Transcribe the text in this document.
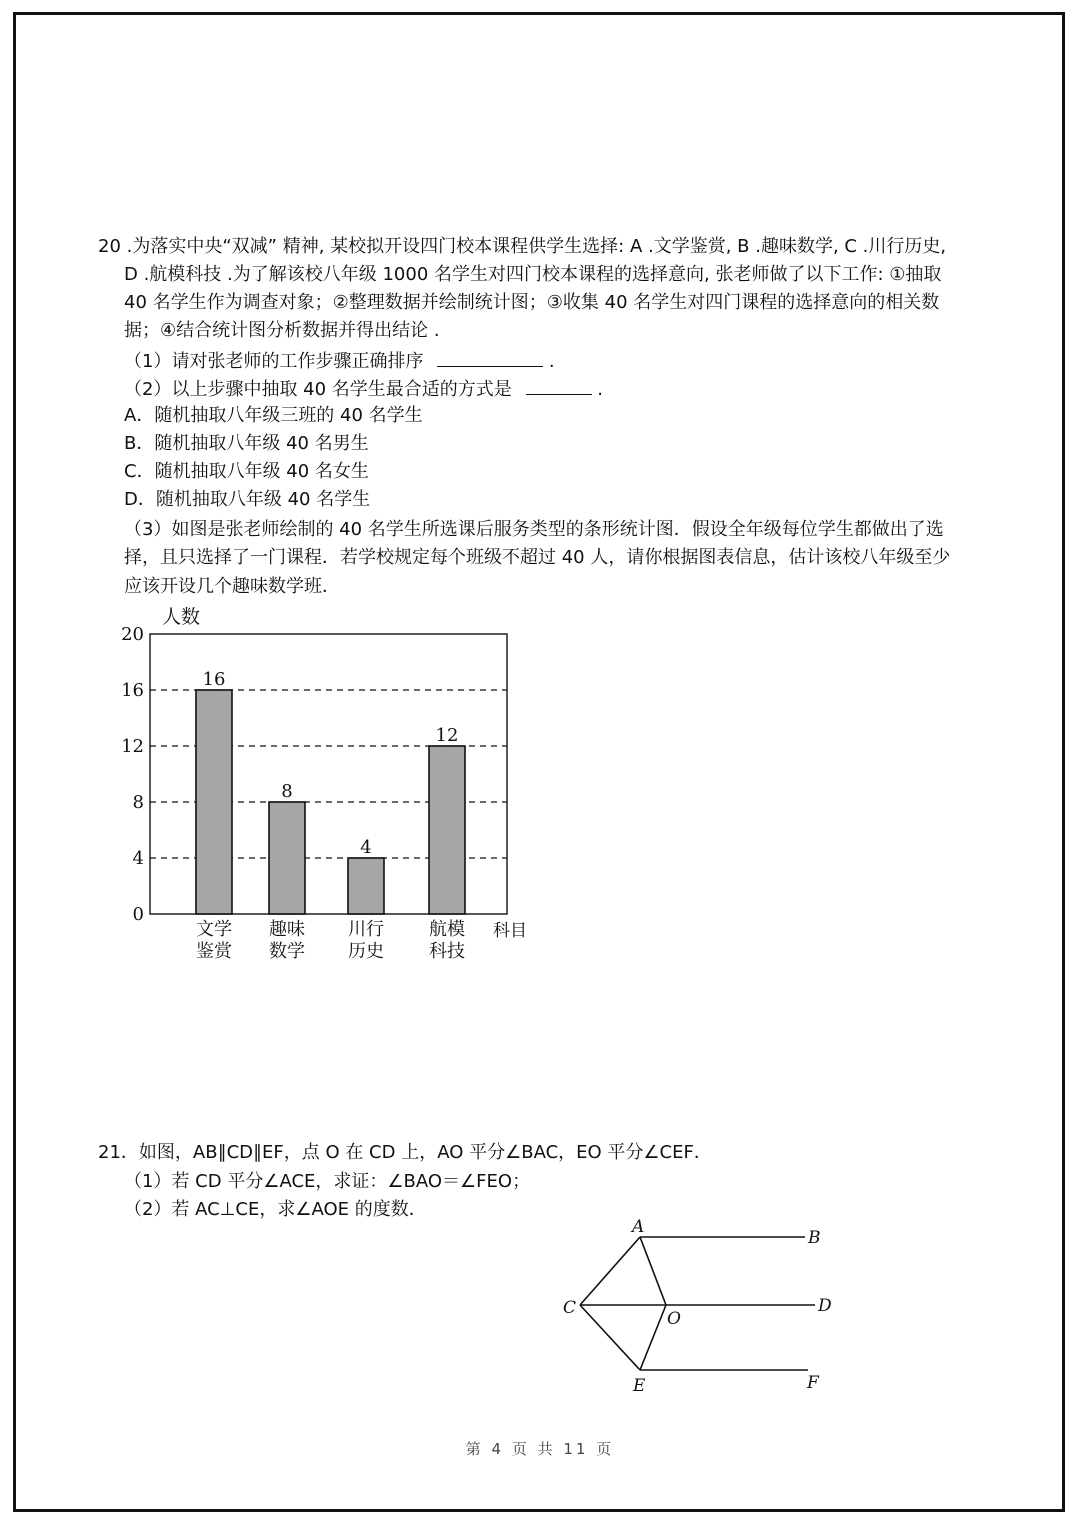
20 .为落实中央“双减” 精神, 某校拟开设四门校本课程供学生选择: A .文学鉴赏, B .趣味数学, C .川行历史,
D .航模科技 .为了解该校八年级 1000 名学生对四门校本课程的选择意向, 张老师做了以下工作: ①抽取
40 名学生作为调查对象；②整理数据并绘制统计图；③收集 40 名学生对四门课程的选择意向的相关数
据；④结合统计图分析数据并得出结论 .
（1）请对张老师的工作步骤正确排序	.
（2）以上步骤中抽取 40 名学生最合适的方式是	.
A．随机抽取八年级三班的 40 名学生
B．随机抽取八年级 40 名男生
C．随机抽取八年级 40 名女生
D．随机抽取八年级 40 名学生
（3）如图是张老师绘制的 40 名学生所选课后服务类型的条形统计图．假设全年级每位学生都做出了选
择，且只选择了一门课程．若学校规定每个班级不超过 40 人，请你根据图表信息，估计该校八年级至少
应该开设几个趣味数学班．
16
8
4
12
0
4
8
12
16
20
文学
鉴赏
趣味
数学
川行
历史
航模
科技
人数
科目
21．如图，AB∥CD∥EF，点 O 在 CD 上，AO 平分∠BAC，EO 平分∠CEF．
（1）若 CD 平分∠ACE，求证：∠BAO＝∠FEO；
（2）若 AC⊥CE，求∠AOE 的度数．
A
B
C	D
O
E	F
第 4 页 共 11 页
